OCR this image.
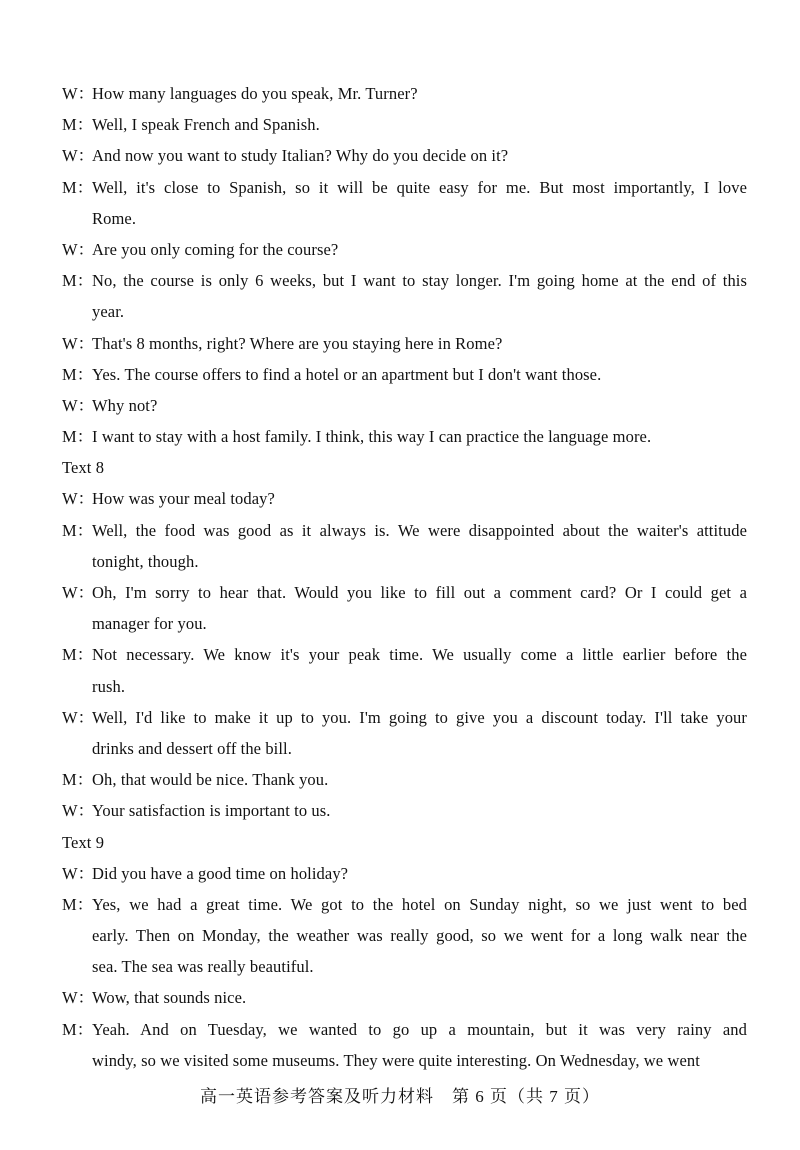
W：How many languages do you speak, Mr. Turner?
M：Well, I speak French and Spanish.
W：And now you want to study Italian? Why do you decide on it?
M：
Well, it's close to Spanish, so it will be quite easy for me. But most importantly, I love
Rome.
W：Are you only coming for the course?
M：
No, the course is only 6 weeks, but I want to stay longer. I'm going home at the end of this
year.
W：That's 8 months, right? Where are you staying here in Rome?
M：Yes. The course offers to find a hotel or an apartment but I don't want those.
W：Why not?
M：I want to stay with a host family. I think, this way I can practice the language more.
Text 8
W：How was your meal today?
M：
Well, the food was good as it always is. We were disappointed about the waiter's attitude
tonight, though.
W：
Oh, I'm sorry to hear that. Would you like to fill out a comment card? Or I could get a
manager for you.
M：
Not necessary. We know it's your peak time. We usually come a little earlier before the
rush.
W：
Well, I'd like to make it up to you. I'm going to give you a discount today. I'll take your
drinks and dessert off the bill.
M：Oh, that would be nice. Thank you.
W：Your satisfaction is important to us.
Text 9
W：Did you have a good time on holiday?
M：
Yes, we had a great time. We got to the hotel on Sunday night, so we just went to bed
early. Then on Monday, the weather was really good, so we went for a long walk near the
sea. The sea was really beautiful.
W：Wow, that sounds nice.
M：
Yeah. And on Tuesday, we wanted to go up a mountain, but it was very rainy and
windy, so we visited some museums. They were quite interesting. On Wednesday, we went
高一英语参考答案及听力材料　第 6 页（共 7 页）
